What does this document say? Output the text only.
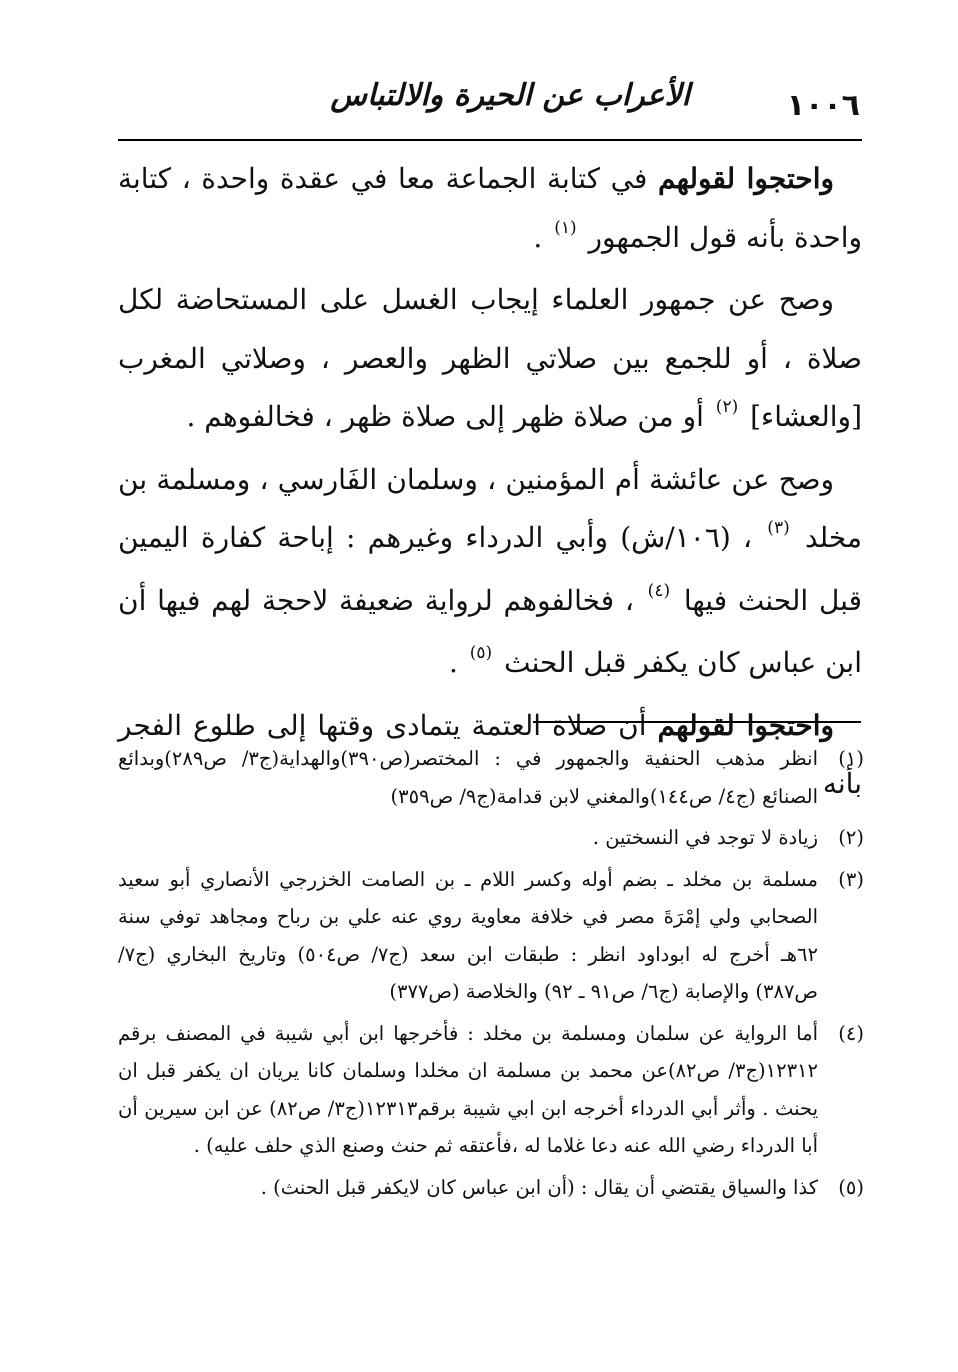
١٠٠٦
الأعراب عن الحيرة والالتباس

واحتجوا لقولهم في كتابة الجماعة معا في عقدة واحدة ، كتابة واحدة بأنه قول الجمهور $^{(١)}$ .

وصح عن جمهور العلماء إيجاب الغسل على المستحاضة لكل صلاة ، أو للجمع بين صلاتي الظهر والعصر ، وصلاتي المغرب [والعشاء] $^{(٢)}$ أو من صلاة ظهر إلى صلاة ظهر ، فخالفوهم .

وصح عن عائشة أم المؤمنين ، وسلمان الفَارسي ، ومسلمة بن مخلد $^{(٣)}$ ، (١٠٦/ش) وأبي الدرداء وغيرهم : إباحة كفارة اليمين قبل الحنث فيها $^{(٤)}$ ، فخالفوهم لرواية ضعيفة لاحجة لهم فيها أن ابن عباس كان يكفر قبل الحنث $^{(٥)}$ .

واحتجوا لقولهم أن صلاة العتمة يتمادى وقتها إلى طلوع الفجر بأنه

(١)
انظر مذهب الحنفية والجمهور في : المختصر(ص٣٩٠)والهداية(ج٣/ ص٢٨٩)وبدائع الصنائع (ج٤/ ص١٤٤)والمغني لابن قدامة(ج٩/ ص٣٥٩)
(٢)
زيادة لا توجد في النسختين .
(٣)
مسلمة بن مخلد ـ بضم أوله وكسر اللام ـ بن الصامت الخزرجي الأنصاري أبو سعيد الصحابي ولي إمْرَةَ مصر في خلافة معاوية روي عنه علي بن رباح ومجاهد توفي سنة ٦٢هـ أخرج له ابوداود انظر : طبقات ابن سعد (ج٧/ ص٥٠٤) وتاريخ البخاري (ج٧/ ص٣٨٧) والإصابة (ج٦/ ص٩١ ـ ٩٢) والخلاصة (ص٣٧٧)
(٤)
أما الرواية عن سلمان ومسلمة بن مخلد : فأخرجها ابن أبي شيبة في المصنف برقم ١٢٣١٢(ج٣/ ص٨٢)عن محمد بن مسلمة ان مخلدا وسلمان كانا يريان ان يكفر قبل ان يحنث . وأثر أبي الدرداء أخرجه ابن ابي شيبة برقم١٢٣١٣(ج٣/ ص٨٢) عن ابن سيرين أن أبا الدرداء رضي الله عنه دعا غلاما له ،فأعتقه ثم حنث وصنع الذي حلف عليه) .
(٥)
كذا والسياق يقتضي أن يقال : (أن ابن عباس كان لايكفر قبل الحنث) .
